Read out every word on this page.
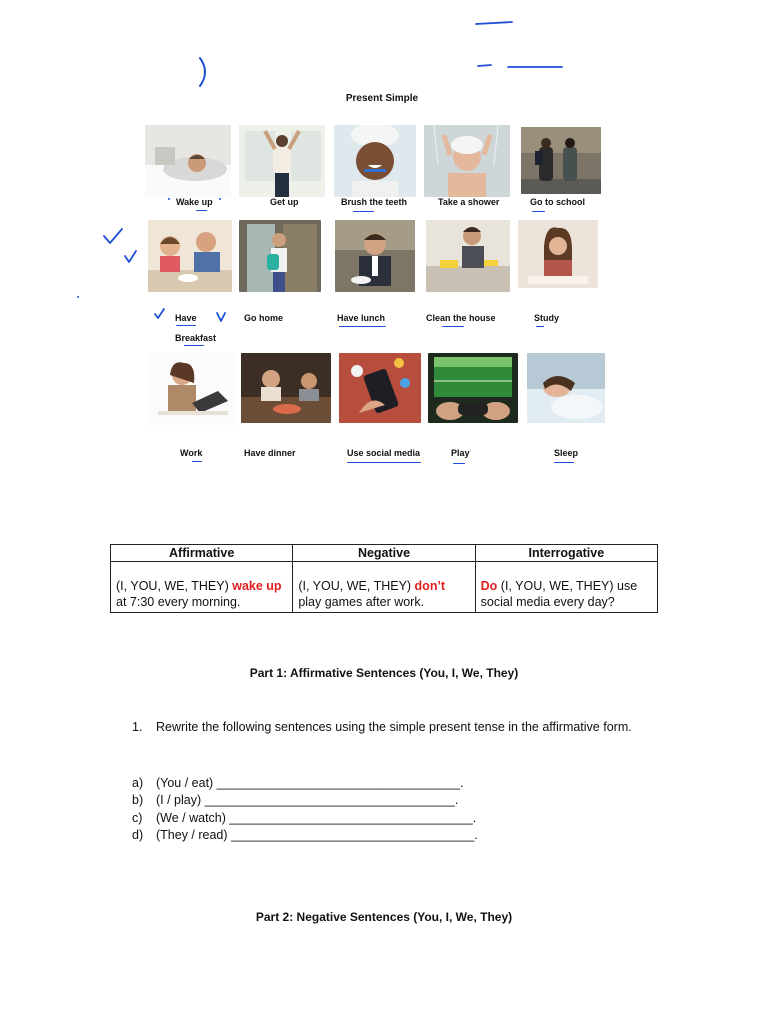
Present Simple
Wake up	Get up	Brush the teeth	Take a shower	Go to school
Have
Breakfast
Go home	Have lunch	Clean the house	Study
Work	Have dinner	Use social media	Play	Sleep
Affirmative	Negative	Interrogative
(I, YOU, WE, THEY) wake up
at 7:30 every morning.	(I, YOU, WE, THEY) don’t play games after work.	Do (I, YOU, WE, THEY) use social media every day?
Part 1: Affirmative Sentences (You, I, We, They)
1. Rewrite the following sentences using the simple present tense in the affirmative form.
a) (You / eat) ___________________________________.
b) (I / play) ____________________________________.
c) (We / watch) ___________________________________.
d) (They / read) ___________________________________.
Part 2: Negative Sentences (You, I, We, They)
